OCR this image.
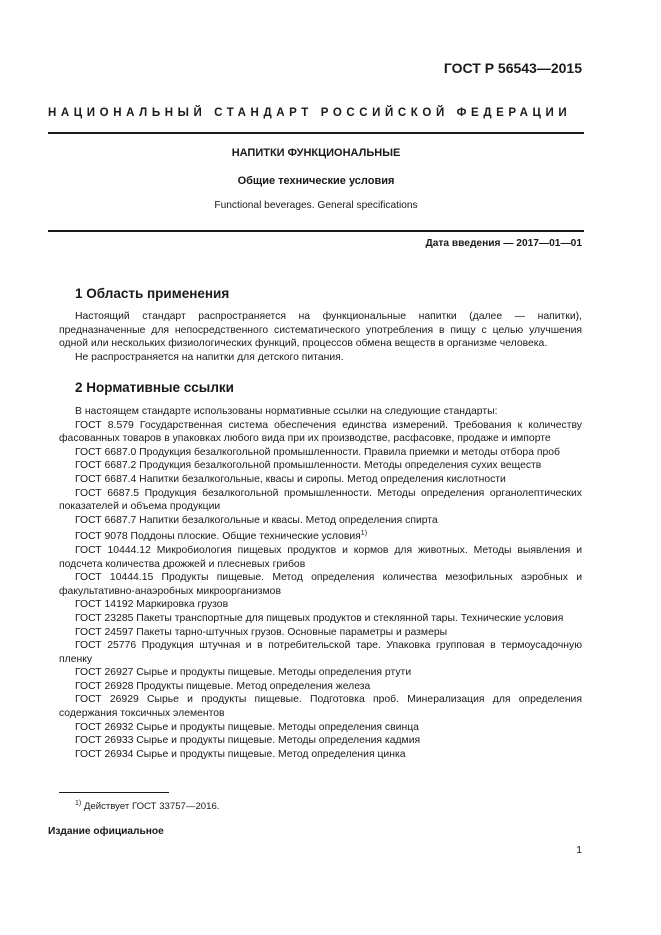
ГОСТ Р 56543—2015
НАЦИОНАЛЬНЫЙ СТАНДАРТ РОССИЙСКОЙ ФЕДЕРАЦИИ
НАПИТКИ ФУНКЦИОНАЛЬНЫЕ
Общие технические условия
Functional beverages. General specifications
Дата введения — 2017—01—01
1 Область применения

Настоящий стандарт распространяется на функциональные напитки (далее — напитки), предназначенные для непосредственного систематического употребления в пищу с целью улучшения одной или нескольких физиологических функций, процессов обмена веществ в организме человека.

Не распространяется на напитки для детского питания.

2 Нормативные ссылки

В настоящем стандарте использованы нормативные ссылки на следующие стандарты:

ГОСТ 8.579 Государственная система обеспечения единства измерений. Требования к количеству фасованных товаров в упаковках любого вида при их производстве, расфасовке, продаже и импорте

ГОСТ 6687.0 Продукция безалкогольной промышленности. Правила приемки и методы отбора проб

ГОСТ 6687.2 Продукция безалкогольной промышленности. Методы определения сухих веществ

ГОСТ 6687.4 Напитки безалкогольные, квасы и сиропы. Метод определения кислотности

ГОСТ 6687.5 Продукция безалкогольной промышленности. Методы определения органолептических показателей и объема продукции

ГОСТ 6687.7 Напитки безалкогольные и квасы. Метод определения спирта

ГОСТ 9078 Поддоны плоские. Общие технические условия$^{1)}$

ГОСТ 10444.12 Микробиология пищевых продуктов и кормов для животных. Методы выявления и подсчета количества дрожжей и плесневых грибов

ГОСТ 10444.15 Продукты пищевые. Метод определения количества мезофильных аэробных и факультативно-анаэробных микроорганизмов

ГОСТ 14192 Маркировка грузов

ГОСТ 23285 Пакеты транспортные для пищевых продуктов и стеклянной тары. Технические условия

ГОСТ 24597 Пакеты тарно-штучных грузов. Основные параметры и размеры

ГОСТ 25776 Продукция штучная и в потребительской таре. Упаковка групповая в термоусадочную пленку

ГОСТ 26927 Сырье и продукты пищевые. Методы определения ртути

ГОСТ 26928 Продукты пищевые. Метод определения железа

ГОСТ 26929 Сырье и продукты пищевые. Подготовка проб. Минерализация для определения содержания токсичных элементов

ГОСТ 26932 Сырье и продукты пищевые. Методы определения свинца

ГОСТ 26933 Сырье и продукты пищевые. Методы определения кадмия

ГОСТ 26934 Сырье и продукты пищевые. Метод определения цинка

$^{1)}$ Действует ГОСТ 33757—2016.
Издание официальное
1
